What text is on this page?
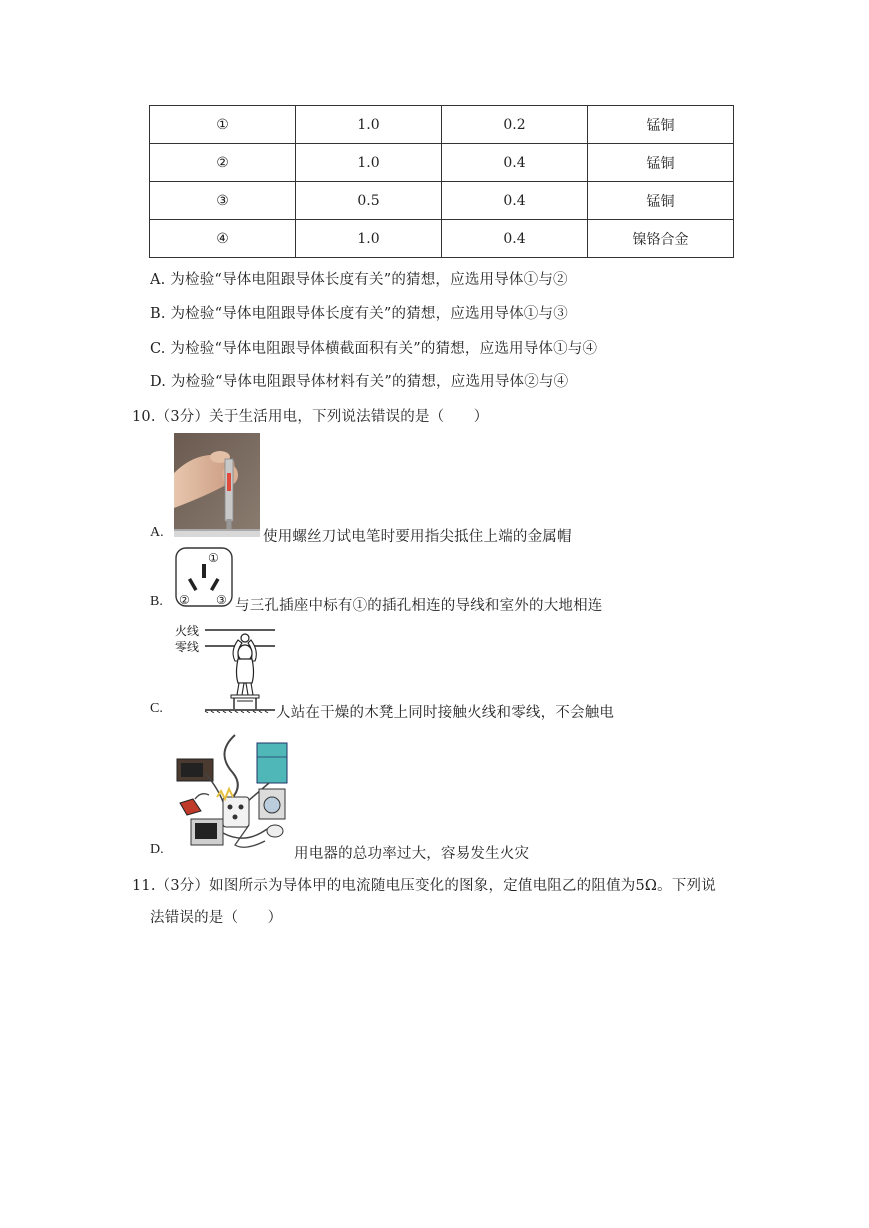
①	1.0	0.2	锰铜
②	1.0	0.4	锰铜
③	0.5	0.4	锰铜
④	1.0	0.4	镍铬合金
A. 为检验“导体电阻跟导体长度有关”的猜想，应选用导体①与②
B. 为检验“导体电阻跟导体长度有关”的猜想，应选用导体①与③
C. 为检验“导体电阻跟导体横截面积有关”的猜想，应选用导体①与④
D. 为检验“导体电阻跟导体材料有关”的猜想，应选用导体②与④
10.（3分）关于生活用电，下列说法错误的是（　　）
A.	使用螺丝刀试电笔时要用指尖抵住上端的金属帽
B.
①
② ③ 与三孔插座中标有①的插孔相连的导线和室外的大地相连
C.
火线
零线
人站在干燥的木凳上同时接触火线和零线，不会触电
D.	用电器的总功率过大，容易发生火灾
11.（3分）如图所示为导体甲的电流随电压变化的图象，定值电阻乙的阻值为5Ω。下列说
法错误的是（　　）
